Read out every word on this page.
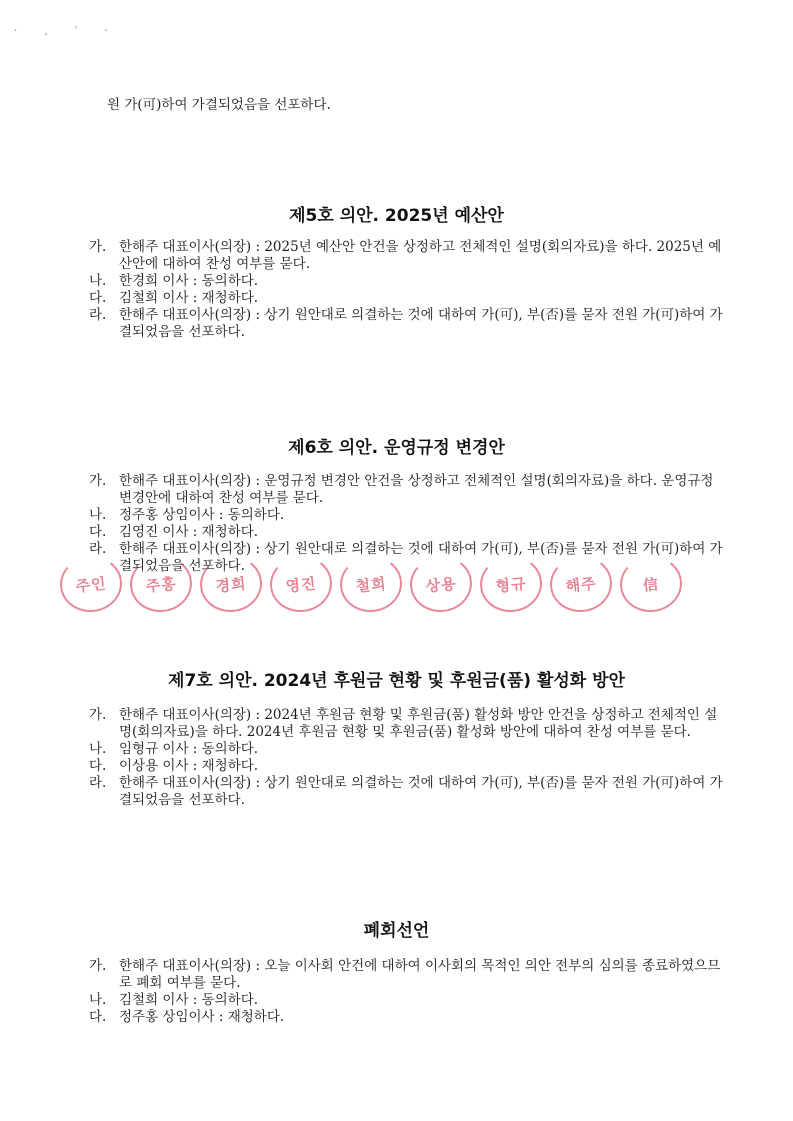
· ‚ ˈ ·
원 가(可)하여 가결되었음을 선포하다.
제5호 의안. 2025년 예산안
가. 한해주 대표이사(의장) : 2025년 예산안 안건을 상정하고 전체적인 설명(회의자료)을 하다. 2025년 예산안에 대하여 찬성 여부를 묻다.
나. 한경희 이사 : 동의하다.
다. 김철희 이사 : 재청하다.
라. 한해주 대표이사(의장) : 상기 원안대로 의결하는 것에 대하여 가(可), 부(否)를 묻자 전원 가(可)하여 가결되었음을 선포하다.
제6호 의안. 운영규정 변경안
가. 한해주 대표이사(의장) : 운영규정 변경안 안건을 상정하고 전체적인 설명(회의자료)을 하다. 운영규정 변경안에 대하여 찬성 여부를 묻다.
나. 정주홍 상임이사 : 동의하다.
다. 김영진 이사 : 재청하다.
라. 한해주 대표이사(의장) : 상기 원안대로 의결하는 것에 대하여 가(可), 부(否)를 묻자 전원 가(可)하여 가결되었음을 선포하다.
주인	주홍	경희	영진	철희	상용	형규	해주	信
제7호 의안. 2024년 후원금 현황 및 후원금(품) 활성화 방안
가. 한해주 대표이사(의장) : 2024년 후원금 현황 및 후원금(품) 활성화 방안 안건을 상정하고 전체적인 설명(회의자료)을 하다. 2024년 후원금 현황 및 후원금(품) 활성화 방안에 대하여 찬성 여부를 묻다.
나. 임형규 이사 : 동의하다.
다. 이상용 이사 : 재청하다.
라. 한해주 대표이사(의장) : 상기 원안대로 의결하는 것에 대하여 가(可), 부(否)를 묻자 전원 가(可)하여 가결되었음을 선포하다.
폐회선언
가. 한해주 대표이사(의장) : 오늘 이사회 안건에 대하여 이사회의 목적인 의안 전부의 심의를 종료하였으므로 폐회 여부를 묻다.
나. 김철희 이사 : 동의하다.
다. 정주홍 상임이사 : 재청하다.
